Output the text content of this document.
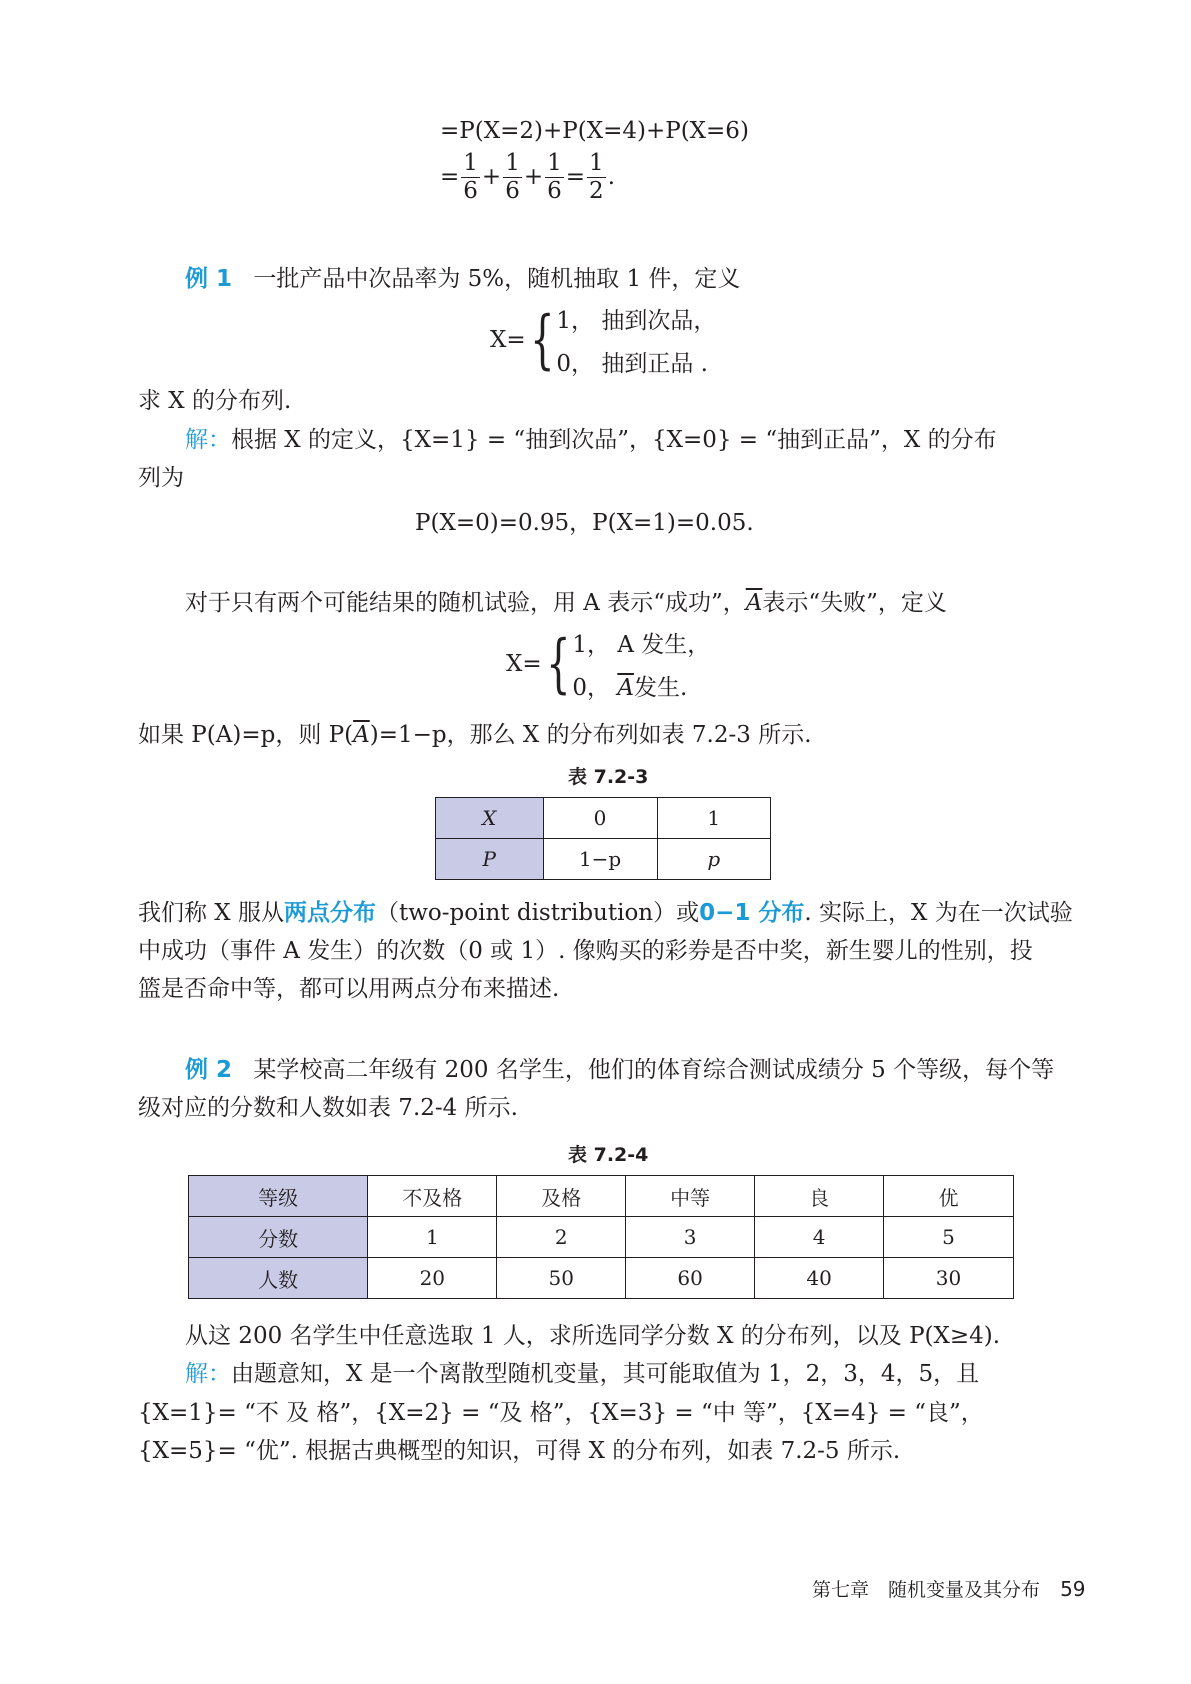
=P(X=2)+P(X=4)+P(X=6)
= $\frac{1}{6} + \frac{1}{6} + \frac{1}{6} = \frac{1}{2}$ .
例 1 一批产品中次品率为 5%，随机抽取 1 件，定义
X= { 1， 抽到次品，
0， 抽到正品 .
求 X 的分布列.
解：根据 X 的定义，{X=1} = “抽到次品”，{X=0} = “抽到正品”，X 的分布
列为
P(X=0)=0.95，P(X=1)=0.05.
对于只有两个可能结果的随机试验，用 A 表示“成功”，$\overline{A}$表示“失败”，定义
X= { 1， A 发生，
0， $\overline{A}$发生.
如果 P(A)=p，则 $P(\overline{A})=1-p$，那么 X 的分布列如表 7.2-3 所示.
表 7.2-3
X	0	1
P	1−p	p
我们称 X 服从两点分布（two-point distribution）或0−1 分布. 实际上，X 为在一次试验
中成功（事件 A 发生）的次数（0 或 1）. 像购买的彩券是否中奖，新生婴儿的性别，投
篮是否命中等，都可以用两点分布来描述.
例 2 某学校高二年级有 200 名学生，他们的体育综合测试成绩分 5 个等级，每个等
级对应的分数和人数如表 7.2-4 所示.
表 7.2-4
等级	不及格	及格	中等	良	优
分数	1	2	3	4	5
人数	20	50	60	40	30
从这 200 名学生中任意选取 1 人，求所选同学分数 X 的分布列，以及 P(X≥4).
解：由题意知，X 是一个离散型随机变量，其可能取值为 1，2，3，4，5，且
{X=1}= “不 及 格”，{X=2} = “及 格”，{X=3} = “中 等”，{X=4} = “良”，
{X=5}= “优”. 根据古典概型的知识，可得 X 的分布列，如表 7.2-5 所示.
第七章　随机变量及其分布 59
